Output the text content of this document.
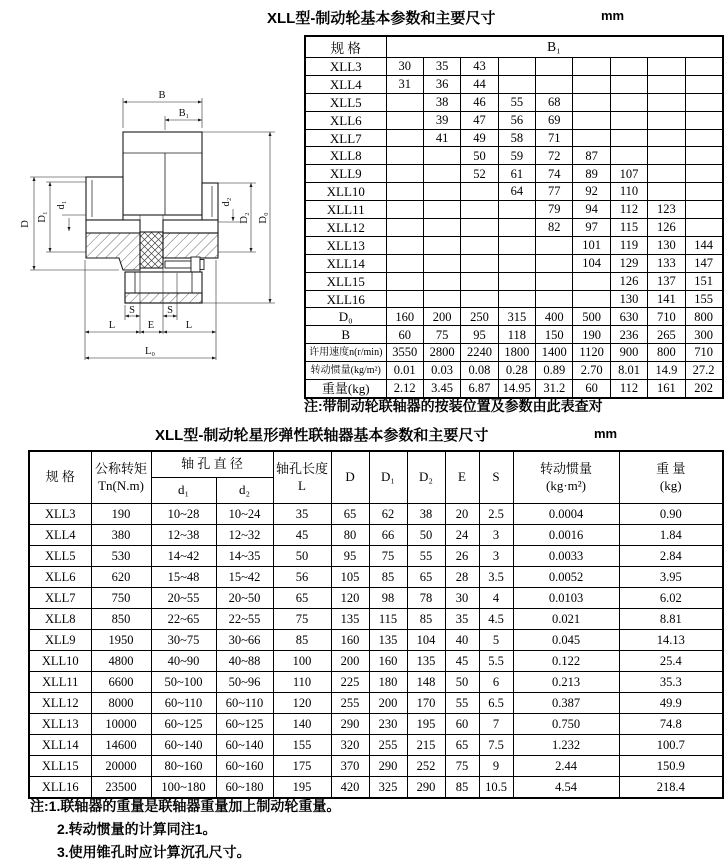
XLL型-制动轮基本参数和主要尺寸	mm
B
B₁
D
D₁
d₁	d₂
D₂ D₀
S	S
L	E	L
L₀
规 格	B₁								
XLL3	30	35	43						
XLL4	31	36	44						
XLL5		38	46	55	68				
XLL6		39	47	56	69				
XLL7		41	49	58	71				
XLL8			50	59	72	87			
XLL9			52	61	74	89	107		
XLL10				64	77	92	110		
XLL11					79	94	112	123	
XLL12					82	97	115	126	
XLL13						101	119	130	144
XLL14						104	129	133	147
XLL15							126	137	151
XLL16							130	141	155
D₀	160	200	250	315	400	500	630	710	800
B	60	75	95	118	150	190	236	265	300
许用速度n(r/min)	3550	2800	2240	1800	1400	1120	900	800	710
转动惯量(kg/m²)	0.01	0.03	0.08	0.28	0.89	2.70	8.01	14.9	27.2
重量(kg)	2.12	3.45	6.87	14.95	31.2	60	112	161	202
注:带制动轮联轴器的按装位置及参数由此表查对
XLL型-制动轮星形弹性联轴器基本参数和主要尺寸	mm
规 格	
公称转矩
Tn(N.m)
	轴 孔 直 径	轴孔长度
L
	D	D₁	D₂	E	S	
转动惯量
(kg·m²)

重 量
(kg)

		d₁	d₂								
XLL3	190	10~28	10~24	35	65	62	38	20	2.5	0.0004	0.90
XLL4	380	12~38	12~32	45	80	66	50	24	3	0.0016	1.84
XLL5	530	14~42	14~35	50	95	75	55	26	3	0.0033	2.84
XLL6	620	15~48	15~42	56	105	85	65	28	3.5	0.0052	3.95
XLL7	750	20~55	20~50	65	120	98	78	30	4	0.0103	6.02
XLL8	850	22~65	22~55	75	135	115	85	35	4.5	0.021	8.81
XLL9	1950	30~75	30~66	85	160	135	104	40	5	0.045	14.13
XLL10	4800	40~90	40~88	100	200	160	135	45	5.5	0.122	25.4
XLL11	6600	50~100	50~96	110	225	180	148	50	6	0.213	35.3
XLL12	8000	60~110	60~110	120	255	200	170	55	6.5	0.387	49.9
XLL13	10000	60~125	60~125	140	290	230	195	60	7	0.750	74.8
XLL14	14600	60~140	60~140	155	320	255	215	65	7.5	1.232	100.7
XLL15	20000	80~160	60~160	175	370	290	252	75	9	2.44	150.9
XLL16	23500	100~180	60~180	195	420	325	290	85	10.5	4.54	218.4
注:1.联轴器的重量是联轴器重量加上制动轮重量。
2.转动惯量的计算同注1。
3.使用锥孔时应计算沉孔尺寸。
